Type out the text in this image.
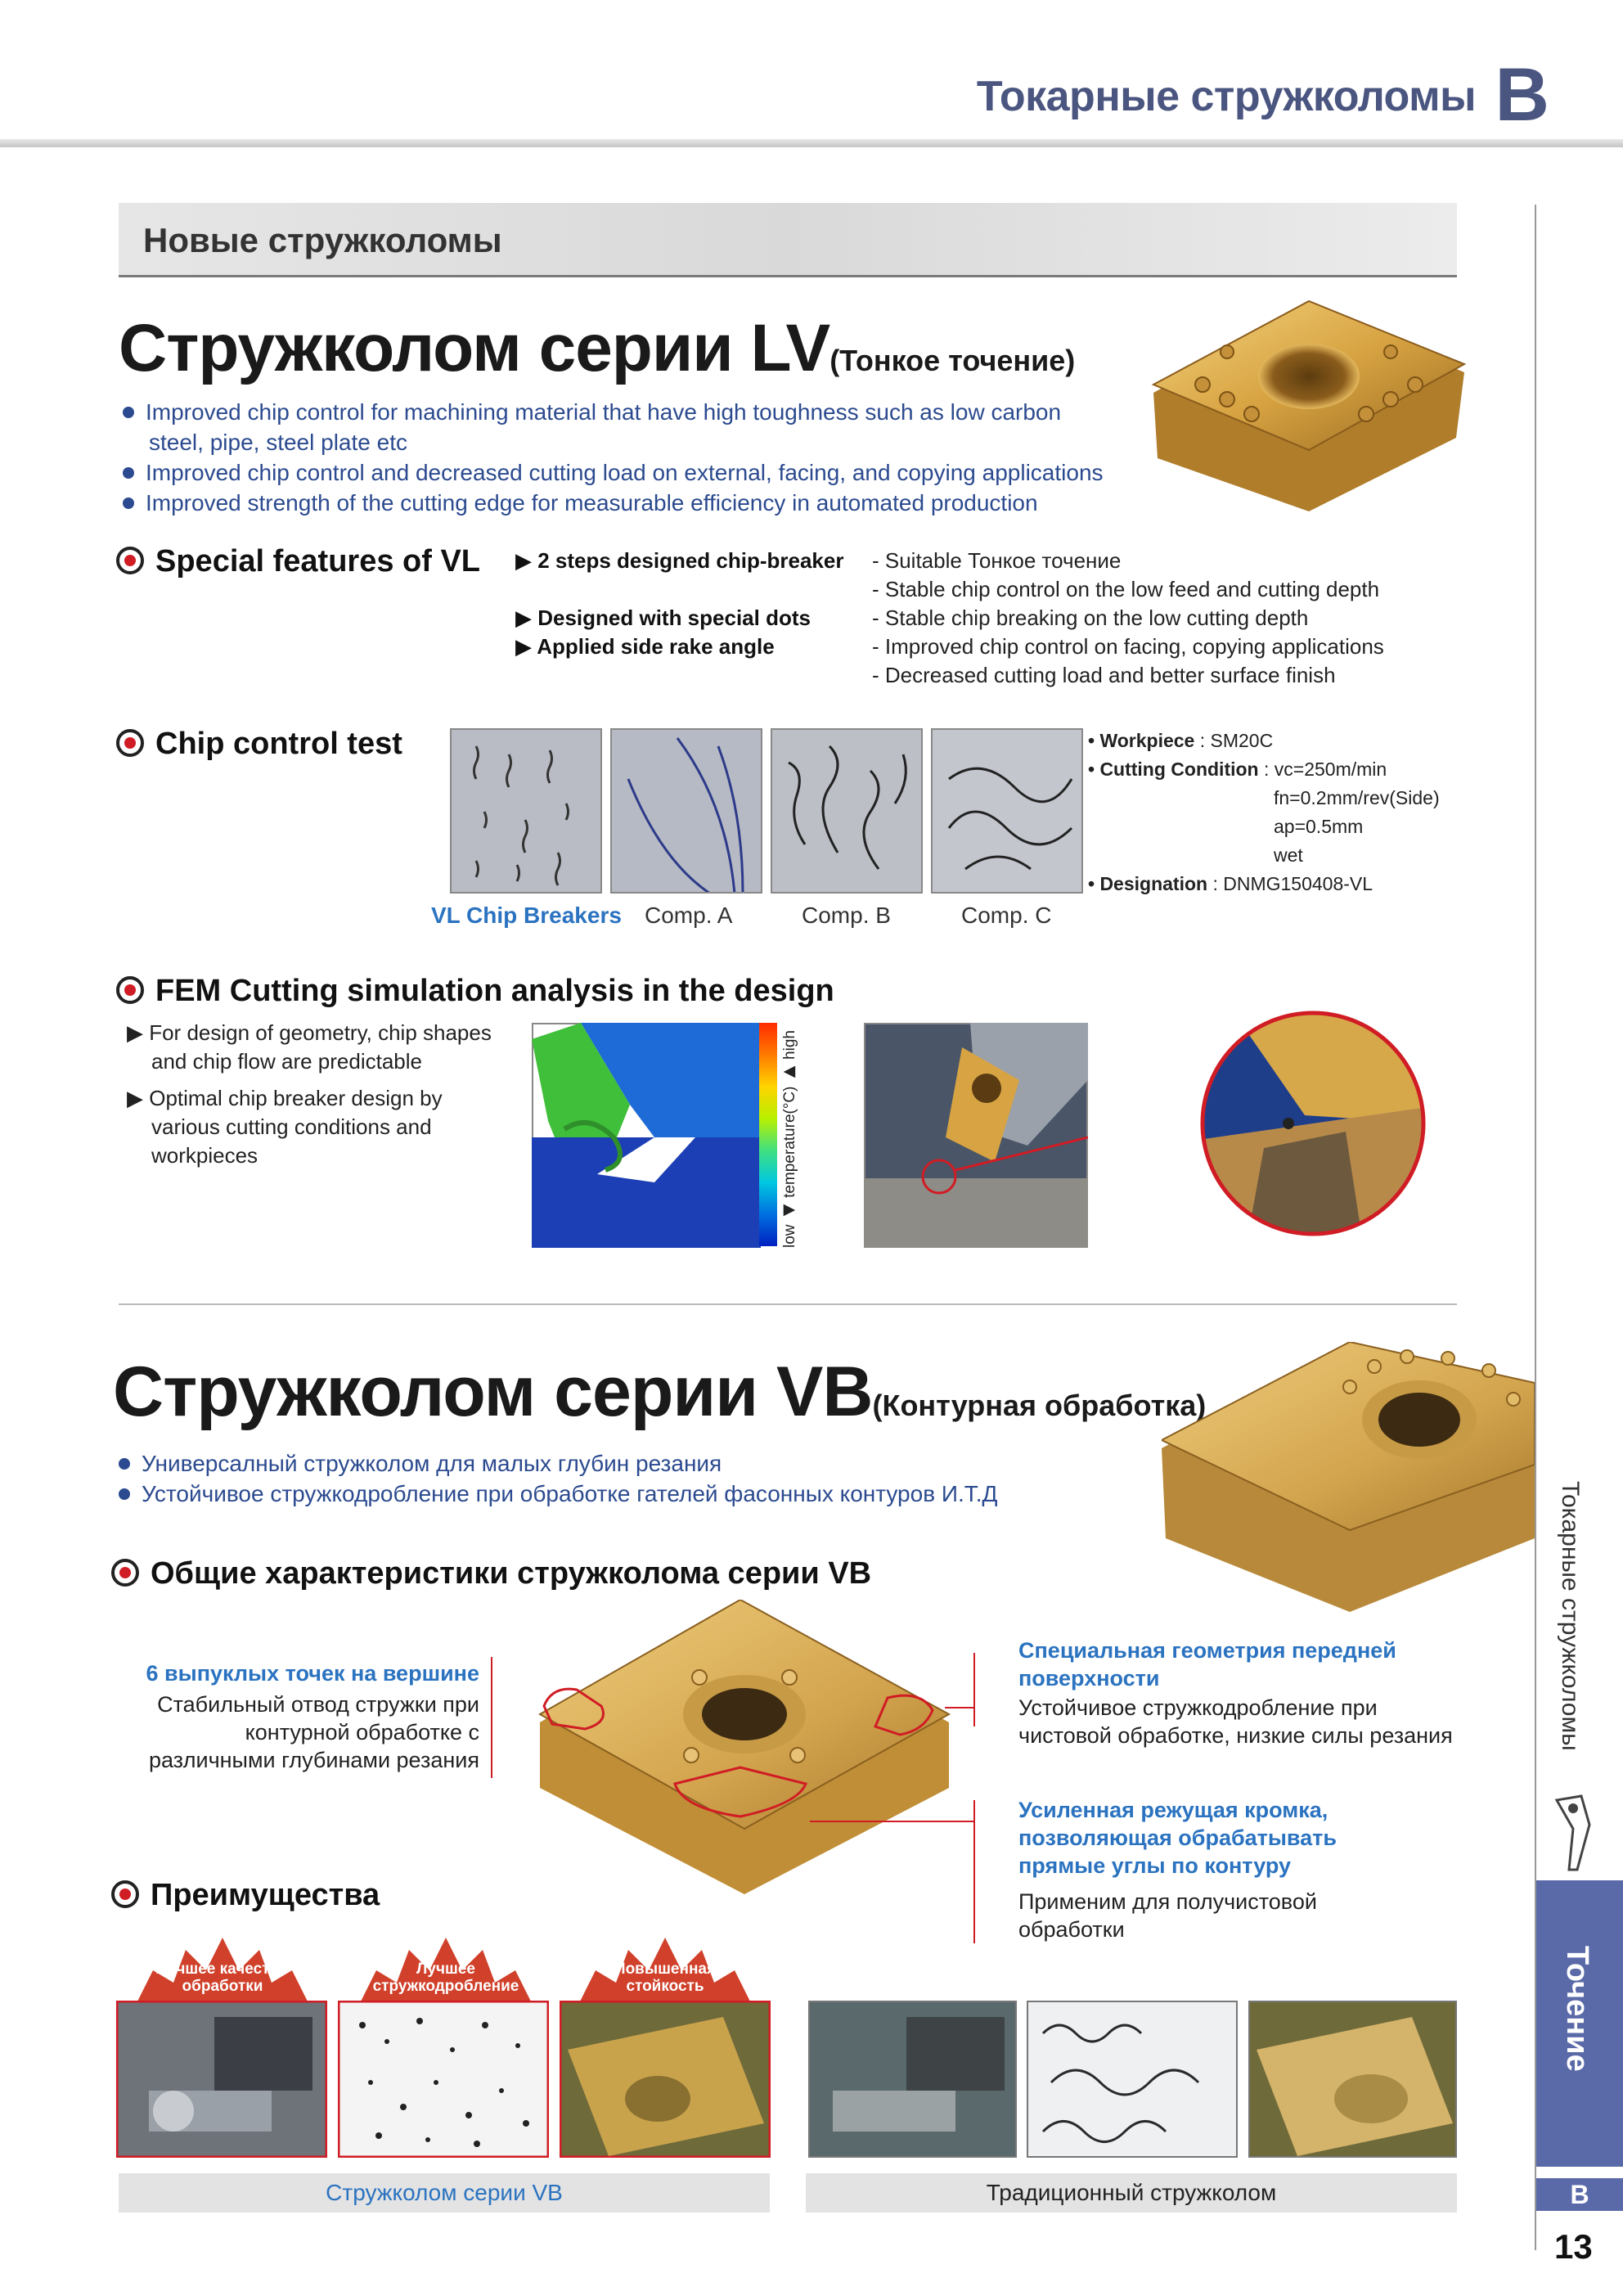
Токарные стружколомы B
Новые стружколомы
Стружколом серии LV(Тонкое точение)
Improved chip control for machining material that have high toughness such as low carbon
steel, pipe, steel plate etc
Improved chip control and decreased cutting load on external, facing, and copying applications
Improved strength of the cutting edge for measurable efficiency in automated production
Special features of VL ▶ 2 steps designed chip-breaker
▶ Designed with special dots
▶ Applied side rake angle
- Suitable Тонкое точение
- Stable chip control on the low feed and cutting depth
- Stable chip breaking on the low cutting depth
- Improved chip control on facing, copying applications
- Decreased cutting load and better surface finish
Chip control test
VL Chip Breakers Comp. A	Comp. B	Comp. C
• Workpiece : SM20C
• Cutting Condition : vc=250m/min
fn=0.2mm/rev(Side)
ap=0.5mm
wet
• Designation : DNMG150408-VL
FEM Cutting simulation analysis in the design
▶ For design of geometry, chip shapes
and chip flow are predictable
▶ Optimal chip breaker design by
various cutting conditions and
workpieces	low ◀ temperature(°C) ▶ high
Стружколом серии VB(Контурная обработка)
Универсалный стружколом для малых глубин резания
Устойчивое стружкодробление при обработке гателей фасонных контуров И.Т.Д
Общие характеристики стружколома серии VB
6 выпуклых точек на вершине
Стабильный отвод стружки при
контурной обработке с
различными глубинами резания
Специальная геометрия передней
поверхности
Устойчивое стружкодробление при
чистовой обработке, низкие силы резания
Усиленная режущая кромка,
позволяющая обрабатывать
прямые углы по контуру
Применим для получистовой
обработки
Преимущества
Лучшее качество
обработки
Лучшее
стружкодробление
Повышенная
стойкость
Стружколом серии VB	Традиционный стружколом
Токарные стружколомы
Точение
B
13
